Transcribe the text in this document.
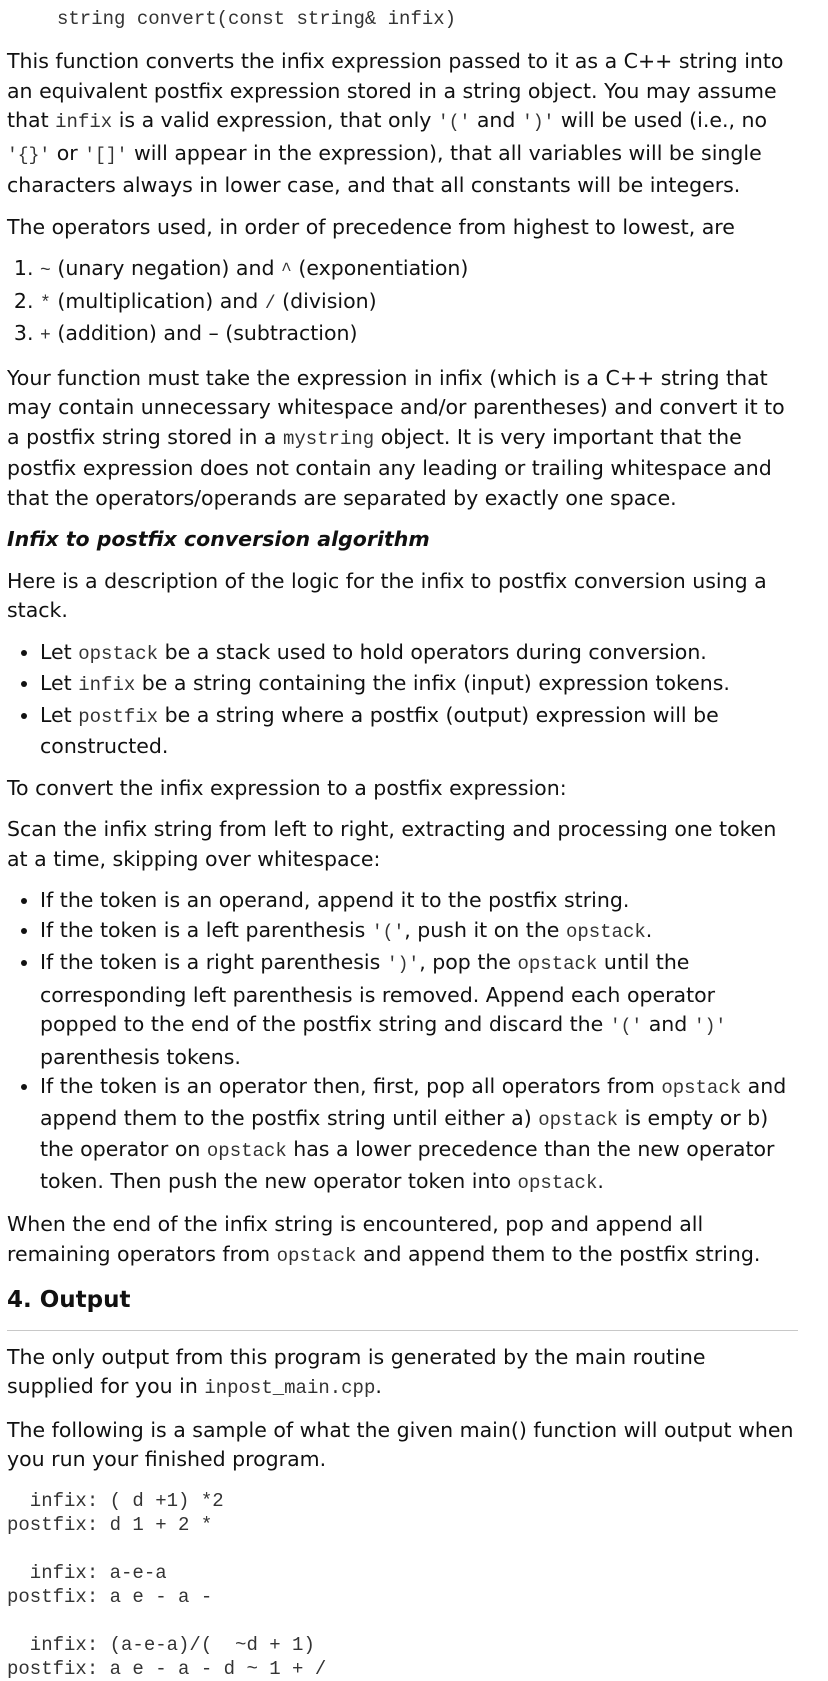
string convert(const string& infix)

This function converts the infix expression passed to it as a C++ string into an equivalent postfix expression stored in a string object. You may assume that infix is a valid expression, that only '(' and ')' will be used (i.e., no '{}' or '[]' will appear in the expression), that all variables will be single characters always in lower case, and that all constants will be integers.

The operators used, in order of precedence from highest to lowest, are

1. ~ (unary negation) and ^ (exponentiation)
2. * (multiplication) and / (division)
3. + (addition) and – (subtraction)

Your function must take the expression in infix (which is a C++ string that may contain unnecessary whitespace and/or parentheses) and convert it to a postfix string stored in a mystring object. It is very important that the postfix expression does not contain any leading or trailing whitespace and that the operators/operands are separated by exactly one space.

Infix to postfix conversion algorithm

Here is a description of the logic for the infix to postfix conversion using a stack.

• Let opstack be a stack used to hold operators during conversion.
• Let infix be a string containing the infix (input) expression tokens.
• Let postfix be a string where a postfix (output) expression will be constructed.

To convert the infix expression to a postfix expression:

Scan the infix string from left to right, extracting and processing one token at a time, skipping over whitespace:

• If the token is an operand, append it to the postfix string.
• If the token is a left parenthesis '(', push it on the opstack.
• If the token is a right parenthesis ')', pop the opstack until the corresponding left parenthesis is removed. Append each operator popped to the end of the postfix string and discard the '(' and ')' parenthesis tokens.
• If the token is an operator then, first, pop all operators from opstack and append them to the postfix string until either a) opstack is empty or b) the operator on opstack has a lower precedence than the new operator token. Then push the new operator token into opstack.

When the end of the infix string is encountered, pop and append all remaining operators from opstack and append them to the postfix string.

4. Output

The only output from this program is generated by the main routine supplied for you in inpost_main.cpp.

The following is a sample of what the given main() function will output when you run your finished program.

infix: ( d +1) *2
postfix: d 1 + 2 *

infix: a-e-a
postfix: a e - a -

infix: (a-e-a)/(  ~d + 1)
postfix: a e - a - d ~ 1 + /
